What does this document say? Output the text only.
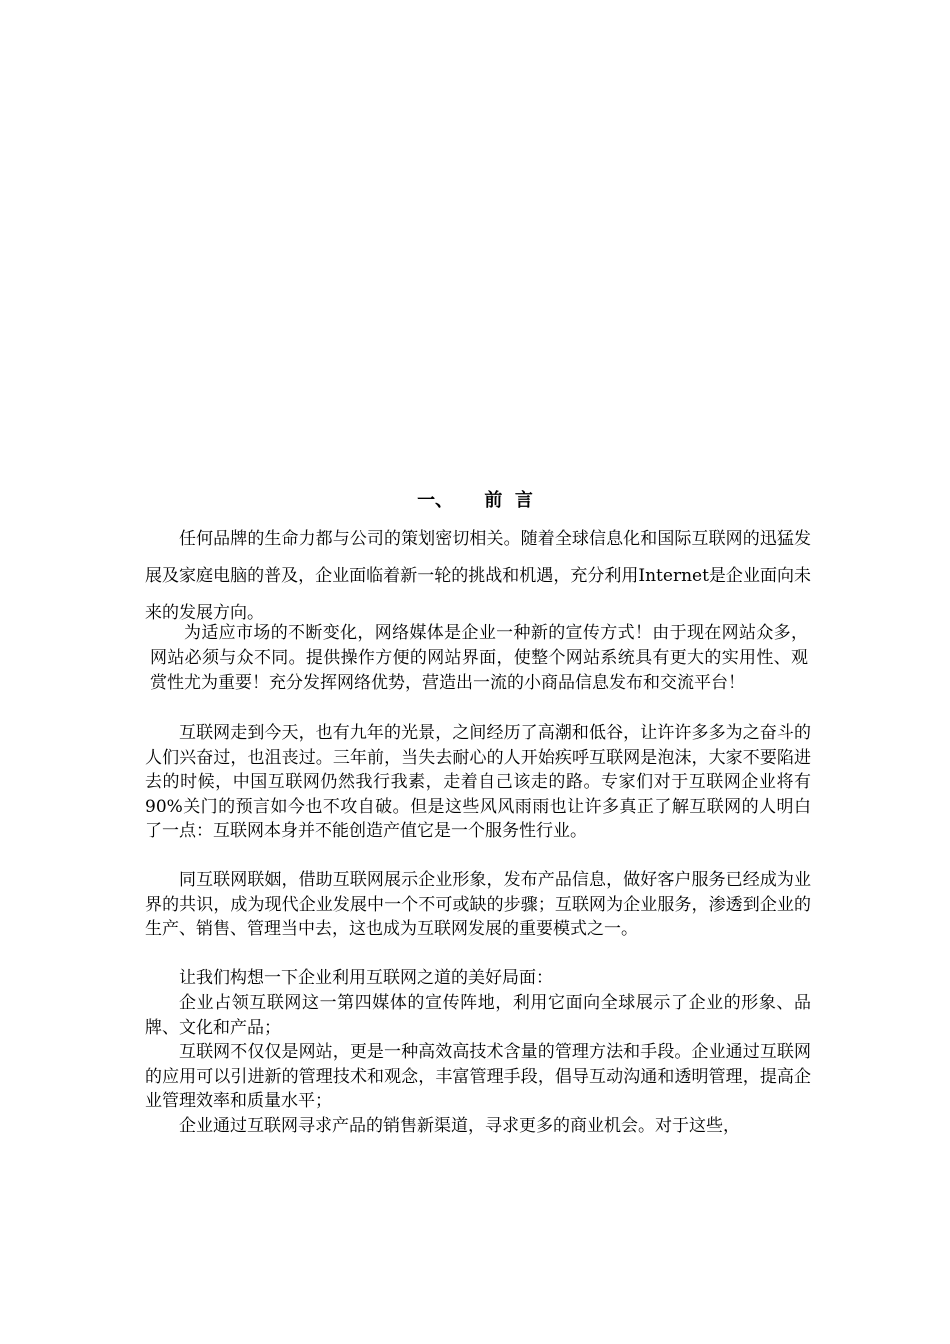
一、     前  言

任何品牌的生命力都与公司的策划密切相关。随着全球信息化和国际互联网的迅猛发展及家庭电脑的普及，企业面临着新一轮的挑战和机遇，充分利用Internet是企业面向未来的发展方向。

为适应市场的不断变化，网络媒体是企业一种新的宣传方式！由于现在网站众多，网站必须与众不同。提供操作方便的网站界面，使整个网站系统具有更大的实用性、观赏性尤为重要！充分发挥网络优势，营造出一流的小商品信息发布和交流平台！

互联网走到今天，也有九年的光景，之间经历了高潮和低谷，让许许多多为之奋斗的人们兴奋过，也沮丧过。三年前，当失去耐心的人开始疾呼互联网是泡沫，大家不要陷进去的时候，中国互联网仍然我行我素，走着自己该走的路。专家们对于互联网企业将有90%关门的预言如今也不攻自破。但是这些风风雨雨也让许多真正了解互联网的人明白了一点：互联网本身并不能创造产值它是一个服务性行业。

同互联网联姻，借助互联网展示企业形象，发布产品信息，做好客户服务已经成为业界的共识，成为现代企业发展中一个不可或缺的步骤；互联网为企业服务，渗透到企业的生产、销售、管理当中去，这也成为互联网发展的重要模式之一。

让我们构想一下企业利用互联网之道的美好局面：

企业占领互联网这一第四媒体的宣传阵地，利用它面向全球展示了企业的形象、品牌、文化和产品；

互联网不仅仅是网站，更是一种高效高技术含量的管理方法和手段。企业通过互联网的应用可以引进新的管理技术和观念，丰富管理手段，倡导互动沟通和透明管理，提高企业管理效率和质量水平；

企业通过互联网寻求产品的销售新渠道，寻求更多的商业机会。对于这些，
